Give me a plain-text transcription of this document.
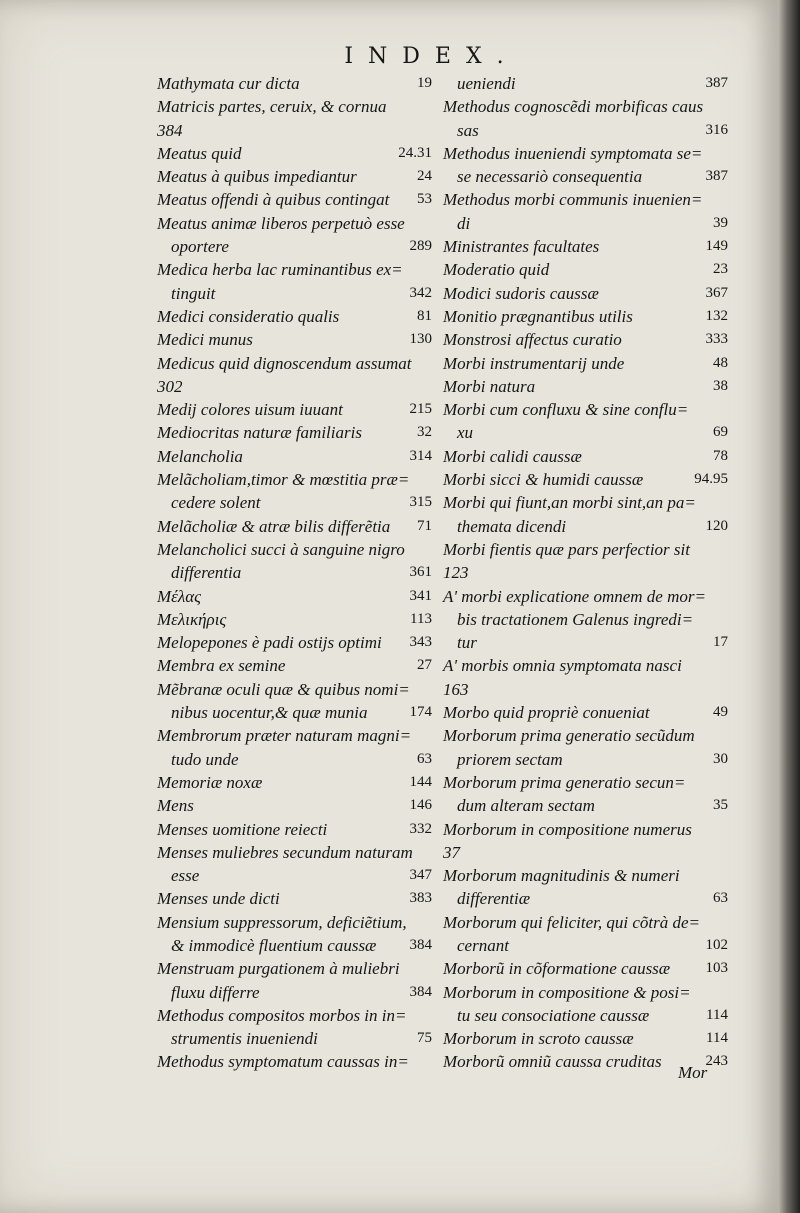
INDEX.
Mathymata cur dicta	19
Matricis partes, ceruix, & cornua
384
Meatus quid	24.31
Meatus à quibus impediantur	24
Meatus offendi à quibus contingat 53
Meatus animæ liberos perpetuò esse
oportere	289
Medica herba lac ruminantibus ex=
tinguit	342
Medici consideratio qualis	81
Medici munus	130
Medicus quid dignoscendum assumat
302
Medij colores uisum iuuant	215
Mediocritas naturæ familiaris	32
Melancholia	314
Melãcholiam,timor & mœstitia præ=
cedere solent	315
Melãcholiæ & atræ bilis differẽtia 71
Melancholici succi à sanguine nigro
differentia	361
Μέλας	341
Μελικήρις	113
Melopepones è padi ostijs optimi 343
Membra ex semine	27
Mẽbranæ oculi quæ & quibus nomi=
nibus uocentur,& quæ munia	174
Membrorum præter naturam magni=
tudo unde	63
Memoriæ noxæ	144
Mens	146
Menses uomitione reiecti	332
Menses muliebres secundum naturam
esse	347
Menses unde dicti	383
Mensium suppressorum, deficiẽtium,
& immodicè fluentium caussæ 384
Menstruam purgationem à muliebri
fluxu differre	384
Methodus compositos morbos in in=
strumentis inueniendi	75
Methodus symptomatum caussas in=
ueniendi	387
Methodus cognoscẽdi morbificas caus
sas	316
Methodus inueniendi symptomata se=
se necessariò consequentia	387
Methodus morbi communis inuenien=
di	39
Ministrantes facultates	149
Moderatio quid	23
Modici sudoris caussæ	367
Monitio prægnantibus utilis	132
Monstrosi affectus curatio	333
Morbi instrumentarij unde	48
Morbi natura	38
Morbi cum confluxu & sine conflu=
xu	69
Morbi calidi caussæ	78
Morbi sicci & humidi caussæ	94.95
Morbi qui fiunt,an morbi sint,an pa=
themata dicendi	120
Morbi fientis quæ pars perfectior sit
123
A' morbi explicatione omnem de mor=
bis tractationem Galenus ingredi=
tur	17
A' morbis omnia symptomata nasci
163
Morbo quid propriè conueniat	49
Morborum prima generatio secũdum
priorem sectam	30
Morborum prima generatio secun=
dum alteram sectam	35
Morborum in compositione numerus
37
Morborum magnitudinis & numeri
differentiæ	63
Morborum qui feliciter, qui cõtrà de=
cernant	102
Morborũ in cõformatione caussæ 103
Morborum in compositione & posi=
tu seu consociatione caussæ	114
Morborum in scroto caussæ	114
Morborũ omniũ caussa cruditas	243
Mor
